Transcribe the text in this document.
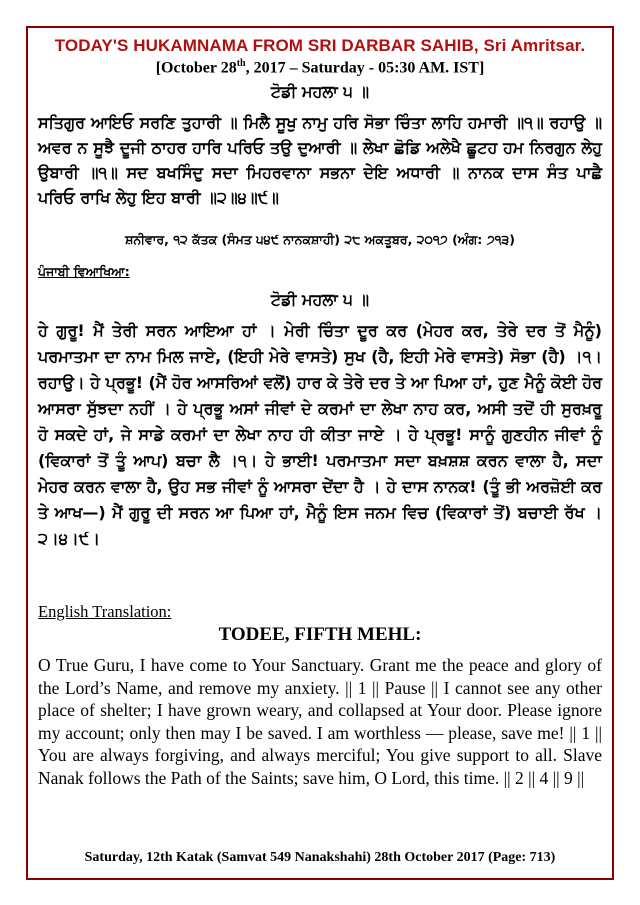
TODAY'S HUKAMNAMA FROM SRI DARBAR SAHIB, Sri Amritsar.
[October 28th, 2017 – Saturday - 05:30 AM. IST]
ਟੋਡੀ ਮਹਲਾ ੫ ॥
ਸਤਿਗੁਰ ਆਇਓ ਸਰਣਿ ਤੁਹਾਰੀ ॥ ਮਿਲੈ ਸੂਖੁ ਨਾਮੁ ਹਰਿ ਸੋਭਾ ਚਿੰਤਾ ਲਾਹਿ ਹਮਾਰੀ ॥੧॥ ਰਹਾਉ ॥ ਅਵਰ ਨ ਸੂਝੈ ਦੂਜੀ ਠਾਹਰ ਹਾਰਿ ਪਰਿਓ ਤਉ ਦੁਆਰੀ ॥ ਲੇਖਾ ਛੋਡਿ ਅਲੇਖੈ ਛੂਟਹ ਹਮ ਨਿਰਗੁਨ ਲੇਹੁ ਉਬਾਰੀ ॥੧॥ ਸਦ ਬਖਸਿੰਦੁ ਸਦਾ ਮਿਹਰਵਾਨਾ ਸਭਨਾ ਦੇਇ ਅਧਾਰੀ ॥ ਨਾਨਕ ਦਾਸ ਸੰਤ ਪਾਛੈ ਪਰਿਓ ਰਾਖਿ ਲੇਹੁ ਇਹ ਬਾਰੀ ॥੨॥੪॥੯॥
ਸ਼ਨੀਵਾਰ, ੧੨ ਕੱਤਕ (ਸੰਮਤ ੫੪੯ ਨਾਨਕਸ਼ਾਹੀ) ੨੮ ਅਕਤੂਬਰ, ੨੦੧੭ (ਅੰਗ: ੭੧੩)
ਪੰਜਾਬੀ ਵਿਆਖਿਆ:
ਟੋਡੀ ਮਹਲਾ ੫ ॥
ਹੇ ਗੁਰੂ! ਮੈਂ ਤੇਰੀ ਸਰਨ ਆਇਆ ਹਾਂ । ਮੇਰੀ ਚਿੰਤਾ ਦੂਰ ਕਰ (ਮੇਹਰ ਕਰ, ਤੇਰੇ ਦਰ ਤੋਂ ਮੈਨੂੰ) ਪਰਮਾਤਮਾ ਦਾ ਨਾਮ ਮਿਲ ਜਾਏ, (ਇਹੀ ਮੇਰੇ ਵਾਸਤੇ) ਸੁਖ (ਹੈ, ਇਹੀ ਮੇਰੇ ਵਾਸਤੇ) ਸੋਭਾ (ਹੈ) ।੧।ਰਹਾਉ। ਹੇ ਪ੍ਰਭੂ! (ਮੈਂ ਹੋਰ ਆਸਰਿਆਂ ਵਲੋਂ) ਹਾਰ ਕੇ ਤੇਰੇ ਦਰ ਤੇ ਆ ਪਿਆ ਹਾਂ, ਹੁਣ ਮੈਨੂੰ ਕੋਈ ਹੋਰ ਆਸਰਾ ਸੁੱਝਦਾ ਨਹੀਂ । ਹੇ ਪ੍ਰਭੂ ਅਸਾਂ ਜੀਵਾਂ ਦੇ ਕਰਮਾਂ ਦਾ ਲੇਖਾ ਨਾਹ ਕਰ, ਅਸੀ ਤਦੋਂ ਹੀ ਸੁਰਖ਼ਰੂ ਹੋ ਸਕਦੇ ਹਾਂ, ਜੇ ਸਾਡੇ ਕਰਮਾਂ ਦਾ ਲੇਖਾ ਨਾਹ ਹੀ ਕੀਤਾ ਜਾਏ । ਹੇ ਪ੍ਰਭੂ! ਸਾਨੂੰ ਗੁਣਹੀਨ ਜੀਵਾਂ ਨੂੰ (ਵਿਕਾਰਾਂ ਤੋਂ ਤੂੰ ਆਪ) ਬਚਾ ਲੈ ।੧। ਹੇ ਭਾਈ! ਪਰਮਾਤਮਾ ਸਦਾ ਬਖ਼ਸ਼ਸ਼ ਕਰਨ ਵਾਲਾ ਹੈ, ਸਦਾ ਮੇਹਰ ਕਰਨ ਵਾਲਾ ਹੈ, ਉਹ ਸਭ ਜੀਵਾਂ ਨੂੰ ਆਸਰਾ ਦੇਂਦਾ ਹੈ । ਹੇ ਦਾਸ ਨਾਨਕ! (ਤੂੰ ਭੀ ਅਰਜ਼ੋਈ ਕਰ ਤੇ ਆਖ—) ਮੈਂ ਗੁਰੂ ਦੀ ਸਰਨ ਆ ਪਿਆ ਹਾਂ, ਮੈਨੂੰ ਇਸ ਜਨਮ ਵਿਚ (ਵਿਕਾਰਾਂ ਤੋਂ) ਬਚਾਈ ਰੱਖ ।੨।੪।੯।
English Translation:
TODEE, FIFTH MEHL:
O True Guru, I have come to Your Sanctuary. Grant me the peace and glory of the Lord’s Name, and remove my anxiety. || 1 || Pause || I cannot see any other place of shelter; I have grown weary, and collapsed at Your door. Please ignore my account; only then may I be saved. I am worthless — please, save me! || 1 || You are always forgiving, and always merciful; You give support to all. Slave Nanak follows the Path of the Saints; save him, O Lord, this time. || 2 || 4 || 9 ||
Saturday, 12th Katak (Samvat 549 Nanakshahi) 28th October 2017 (Page: 713)
